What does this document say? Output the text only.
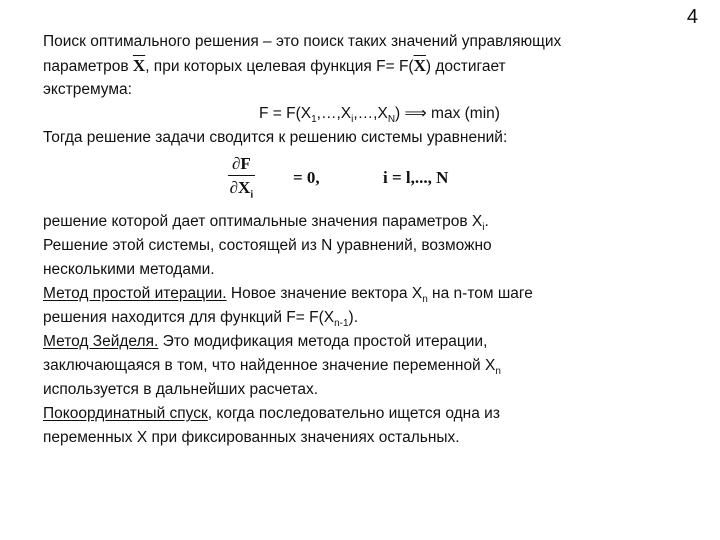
4
Поиск оптимального решения – это поиск таких значений управляющих
параметров $\overline{X}$, при которых целевая функция $F= F(\overline{X})$ достигает
экстремума:
$F = F(X_1,\dots,X_i,\dots,X_N)$ ⟹ max (min)
Тогда решение задачи сводится к решению системы уравнений:
$\frac{\partial F}{\partial X_i} = 0$,	i = l,..., N
решение которой дает оптимальные значения параметров $X_i$.
Решение этой системы, состоящей из N уравнений, возможно
несколькими методами.
Метод простой итерации. Новое значение вектора $X_n$ на n-том шаге
решения находится для функций $F= F(X_{n-1})$.
Метод Зейделя. Это модификация метода простой итерации,
заключающаяся в том, что найденное значение переменной $X_n$
используется в дальнейших расчетах.
Покоординатный спуск, когда последовательно ищется одна из
переменных X при фиксированных значениях остальных.
